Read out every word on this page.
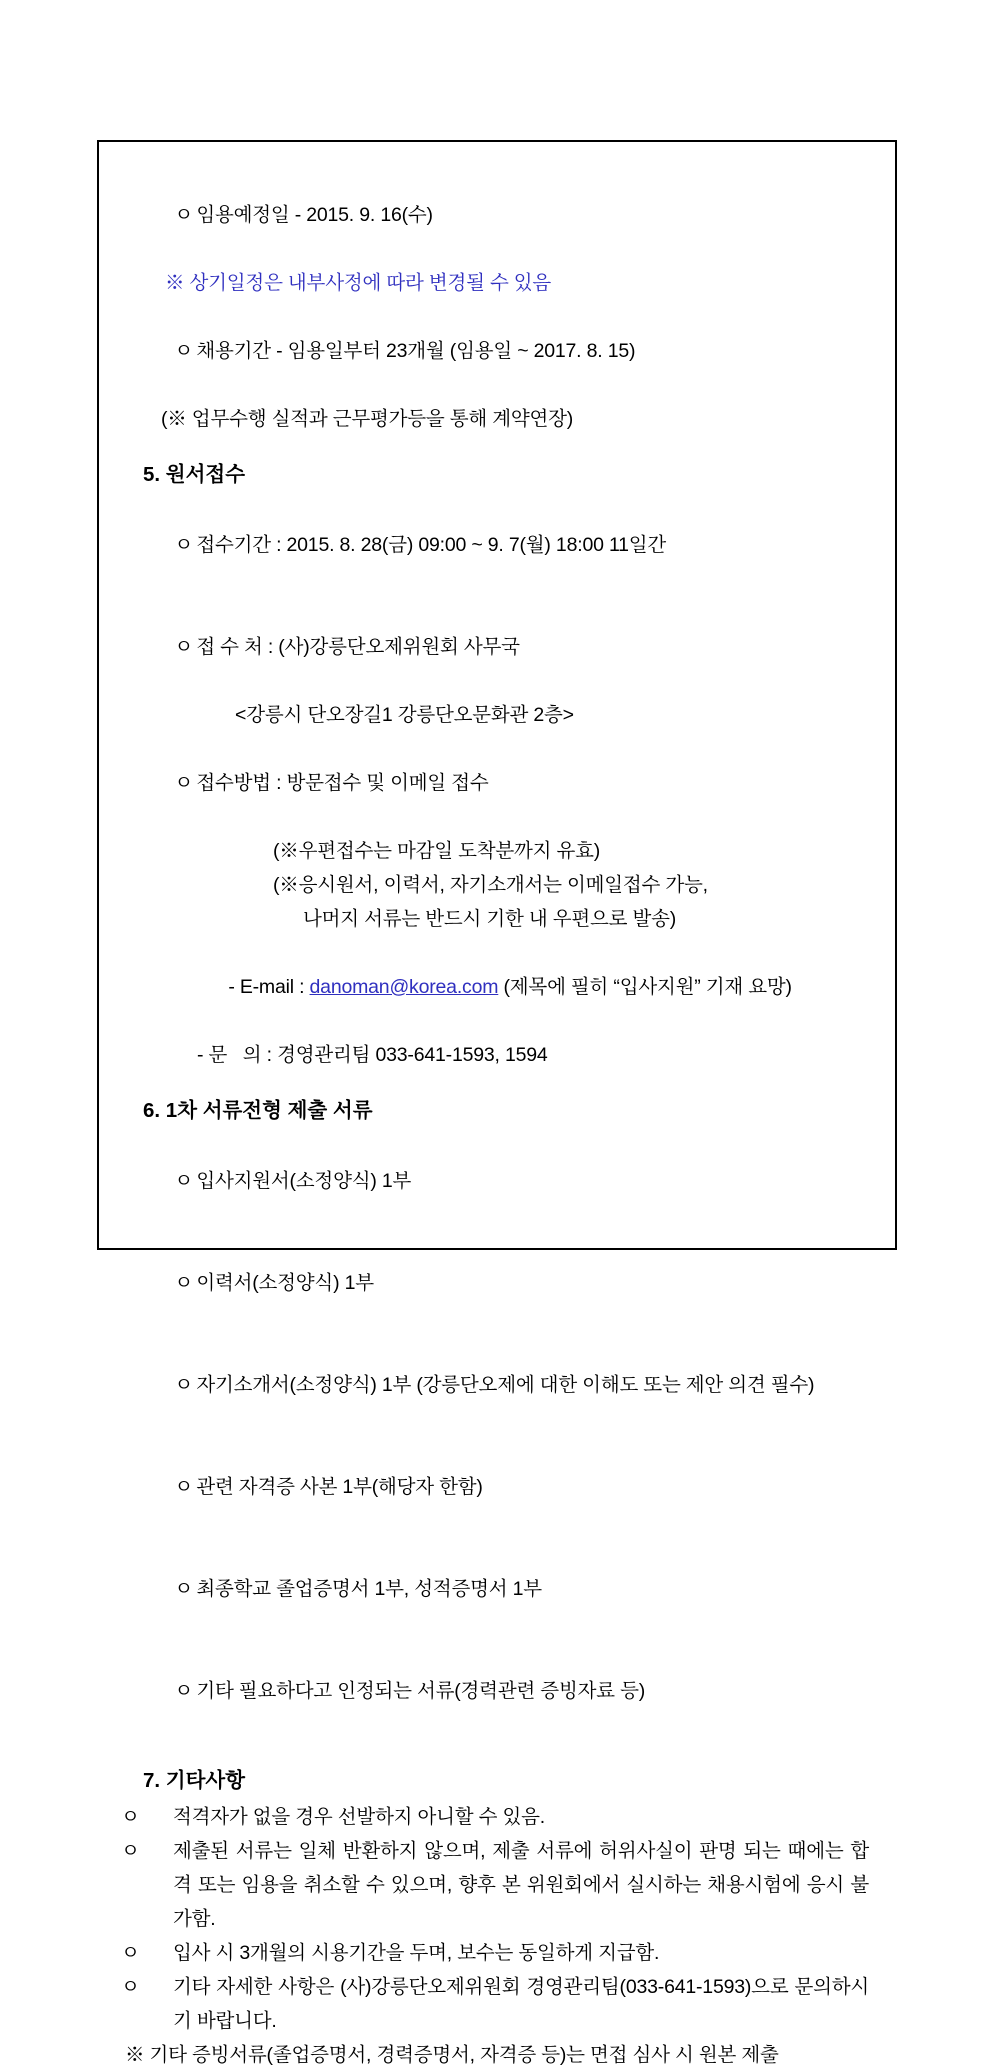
ㅇ 임용예정일 - 2015. 9. 16(수)

※ 상기일정은 내부사정에 따라 변경될 수 있음

ㅇ 채용기간 - 임용일부터 23개월 (임용일 ~ 2017. 8. 15)

(※ 업무수행 실적과 근무평가등을 통해 계약연장)
5. 원서접수

ㅇ 접수기간 : 2015. 8. 28(금) 09:00 ~ 9. 7(월) 18:00 11일간

ㅇ 접 수 처 : (사)강릉단오제위원회 사무국

<강릉시 단오장길1 강릉단오문화관 2층>

ㅇ 접수방법 : 방문접수 및 이메일 접수

(※우편접수는 마감일 도착분까지 유효)
(※응시원서, 이력서, 자기소개서는 이메일접수 가능,
나머지 서류는 반드시 기한 내 우편으로 발송)

- E-mail : danoman@korea.com (제목에 필히 “입사지원” 기재 요망)

- 문   의 : 경영관리팀 033-641-1593, 1594
6. 1차 서류전형 제출 서류

ㅇ 입사지원서(소정양식) 1부

ㅇ 이력서(소정양식) 1부

ㅇ 자기소개서(소정양식) 1부 (강릉단오제에 대한 이해도 또는 제안 의견 필수)

ㅇ 관련 자격증 사본 1부(해당자 한함)

ㅇ 최종학교 졸업증명서 1부, 성적증명서 1부

ㅇ 기타 필요하다고 인정되는 서류(경력관련 증빙자료 등)

7. 기타사항
ㅇ 적격자가 없을 경우 선발하지 아니할 수 있음.
ㅇ 제출된 서류는 일체 반환하지 않으며, 제출 서류에 허위사실이 판명 되는 때에는 합격 또는 임용을 취소할 수 있으며, 향후 본 위원회에서 실시하는 채용시험에 응시 불가함.
ㅇ 입사 시 3개월의 시용기간을 두며, 보수는 동일하게 지급함.
ㅇ 기타 자세한 사항은 (사)강릉단오제위원회 경영관리팀(033-641-1593)으로 문의하시기 바랍니다.
※ 기타 증빙서류(졸업증명서, 경력증명서, 자격증 등)는 면접 심사 시 원본 제출
